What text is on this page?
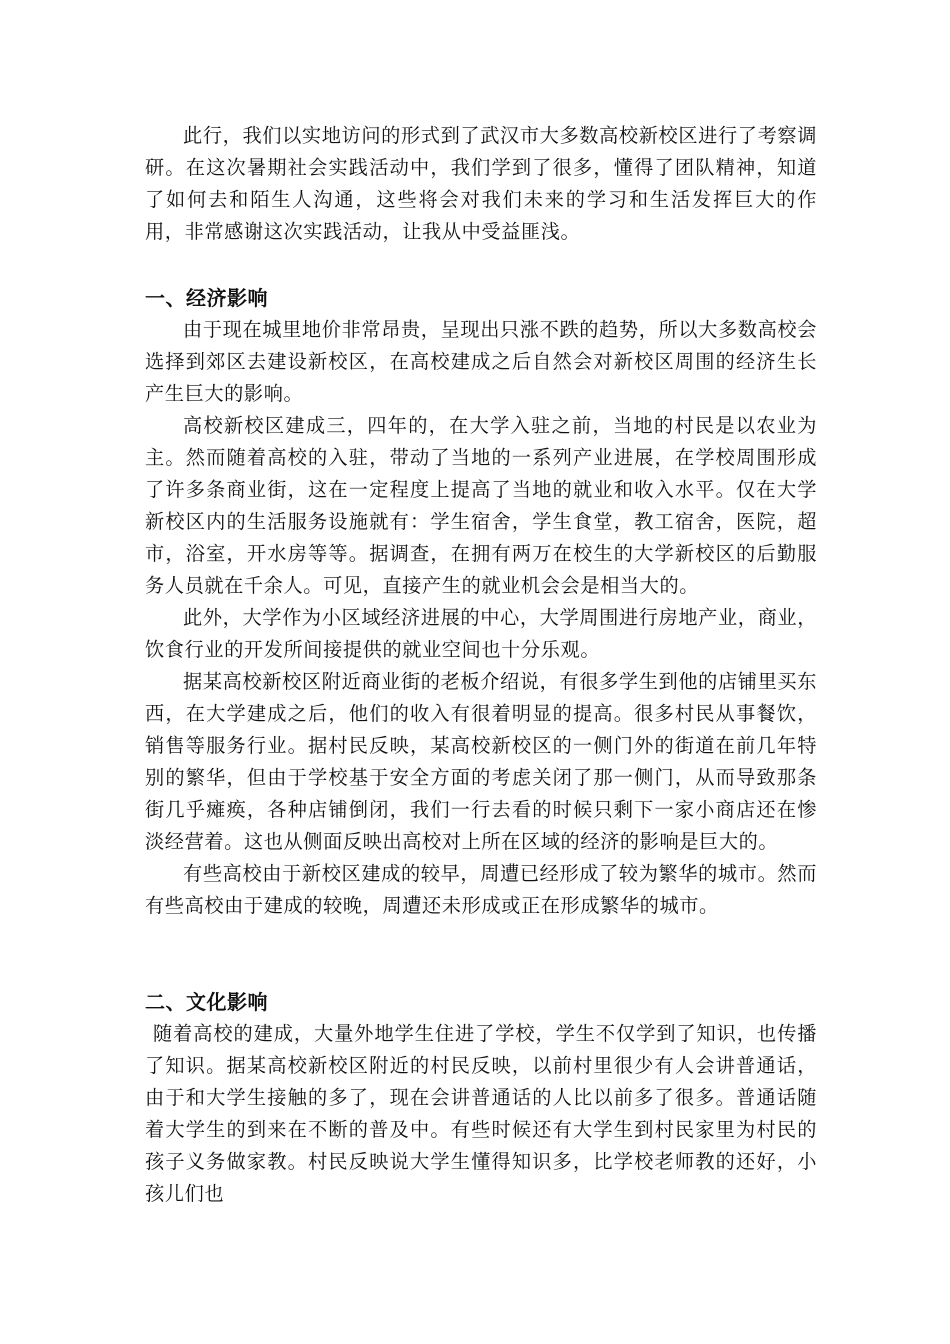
此行，我们以实地访问的形式到了武汉市大多数高校新校区进行了考察调研。在这次暑期社会实践活动中，我们学到了很多，懂得了团队精神，知道了如何去和陌生人沟通，这些将会对我们未来的学习和生活发挥巨大的作用，非常感谢这次实践活动，让我从中受益匪浅。

一、经济影响

由于现在城里地价非常昂贵，呈现出只涨不跌的趋势，所以大多数高校会选择到郊区去建设新校区，在高校建成之后自然会对新校区周围的经济生长产生巨大的影响。

高校新校区建成三，四年的，在大学入驻之前，当地的村民是以农业为主。然而随着高校的入驻，带动了当地的一系列产业进展，在学校周围形成了许多条商业街，这在一定程度上提高了当地的就业和收入水平。仅在大学新校区内的生活服务设施就有：学生宿舍，学生食堂，教工宿舍，医院，超市，浴室，开水房等等。据调查，在拥有两万在校生的大学新校区的后勤服务人员就在千余人。可见，直接产生的就业机会会是相当大的。

此外，大学作为小区域经济进展的中心，大学周围进行房地产业，商业，饮食行业的开发所间接提供的就业空间也十分乐观。

据某高校新校区附近商业街的老板介绍说，有很多学生到他的店铺里买东西，在大学建成之后，他们的收入有很着明显的提高。很多村民从事餐饮，销售等服务行业。据村民反映，某高校新校区的一侧门外的街道在前几年特别的繁华，但由于学校基于安全方面的考虑关闭了那一侧门，从而导致那条街几乎瘫痪，各种店铺倒闭，我们一行去看的时候只剩下一家小商店还在惨淡经营着。这也从侧面反映出高校对上所在区域的经济的影响是巨大的。

有些高校由于新校区建成的较早，周遭已经形成了较为繁华的城市。然而有些高校由于建成的较晚，周遭还未形成或正在形成繁华的城市。

二、文化影响

随着高校的建成，大量外地学生住进了学校，学生不仅学到了知识，也传播了知识。据某高校新校区附近的村民反映，以前村里很少有人会讲普通话，由于和大学生接触的多了，现在会讲普通话的人比以前多了很多。普通话随着大学生的到来在不断的普及中。有些时候还有大学生到村民家里为村民的孩子义务做家教。村民反映说大学生懂得知识多，比学校老师教的还好，小孩儿们也
